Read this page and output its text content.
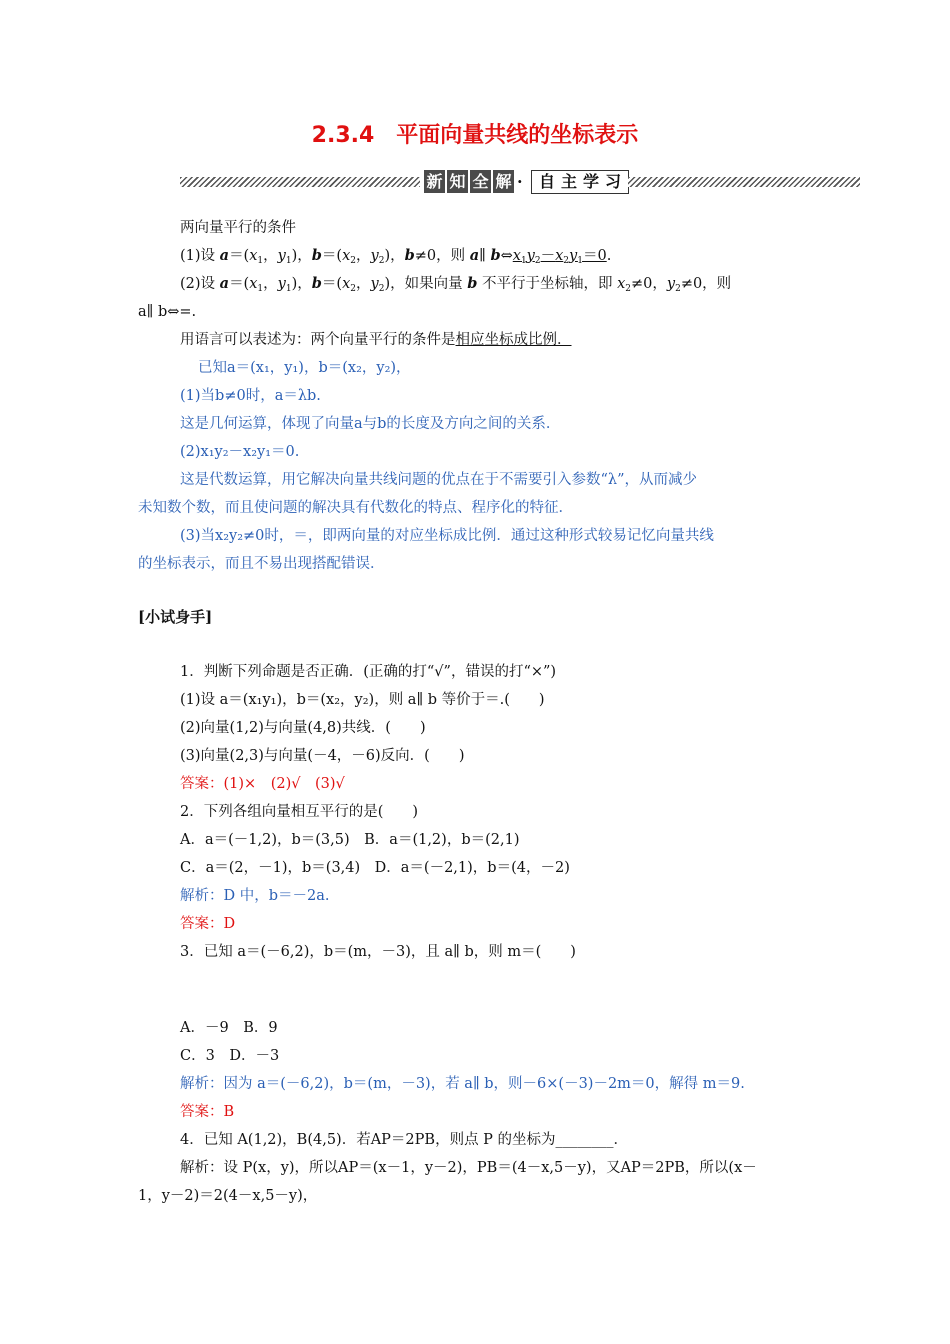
2.3.4　平面向量共线的坐标表示
新 知 全 解 · 自 主 学 习
两向量平行的条件
(1)设 $a=(x_1$，$y_1$)，$b=(x_2$，$y_2$)，b≠0，则 a∥ $b\Leftrightarrow x_1y_2-x_2y_1=0$.
(2)设 $a=(x_1$，$y_1$)，$b=(x_2$，$y_2$)，如果向量 b 不平行于坐标轴，即 $x_2\ne 0$，$y_2\ne 0$，则
a∥ b⇔=.
用语言可以表述为：两个向量平行的条件是相应坐标成比例．
已知a＝(x₁，y₁)，b＝(x₂，y₂)，
(1)当b≠0时，a＝λb.
这是几何运算，体现了向量a与b的长度及方向之间的关系．
(2)x₁y₂－x₂y₁＝0.
这是代数运算，用它解决向量共线问题的优点在于不需要引入参数“λ”，从而减少
未知数个数，而且使问题的解决具有代数化的特点、程序化的特征．
(3)当x₂y₂≠0时，＝，即两向量的对应坐标成比例．通过这种形式较易记忆向量共线
的坐标表示，而且不易出现搭配错误．
[小试身手]
1．判断下列命题是否正确．(正确的打“√”，错误的打“×”)
(1)设 a＝(x₁y₁)，b＝(x₂，y₂)，则 a∥ b 等价于＝.(　　)
(2)向量(1,2)与向量(4,8)共线．(　　)
(3)向量(2,3)与向量(－4，－6)反向．(　　)
答案：(1)×　(2)√　(3)√
2．下列各组向量相互平行的是(　　)
A．a＝(－1,2)，b＝(3,5)　B．a＝(1,2)，b＝(2,1)
C．a＝(2，－1)，b＝(3,4)　D．a＝(－2,1)，b＝(4，－2)
解析：D 中，b＝－2a.
答案：D
3．已知 a＝(－6,2)，b＝(m，－3)，且 a∥ b，则 m＝(　　)
A．－9　B．9
C．3　D．－3
解析：因为 a＝(－6,2)，b＝(m，－3)，若 a∥ b，则－6×(－3)－2m＝0，解得 m＝9.
答案：B
4．已知 A(1,2)，B(4,5)．若AP＝2PB，则点 P 的坐标为________．
解析：设 P(x，y)，所以AP＝(x－1，y－2)，PB＝(4－x,5－y)，又AP＝2PB，所以(x－
1，y－2)＝2(4－x,5－y)，
